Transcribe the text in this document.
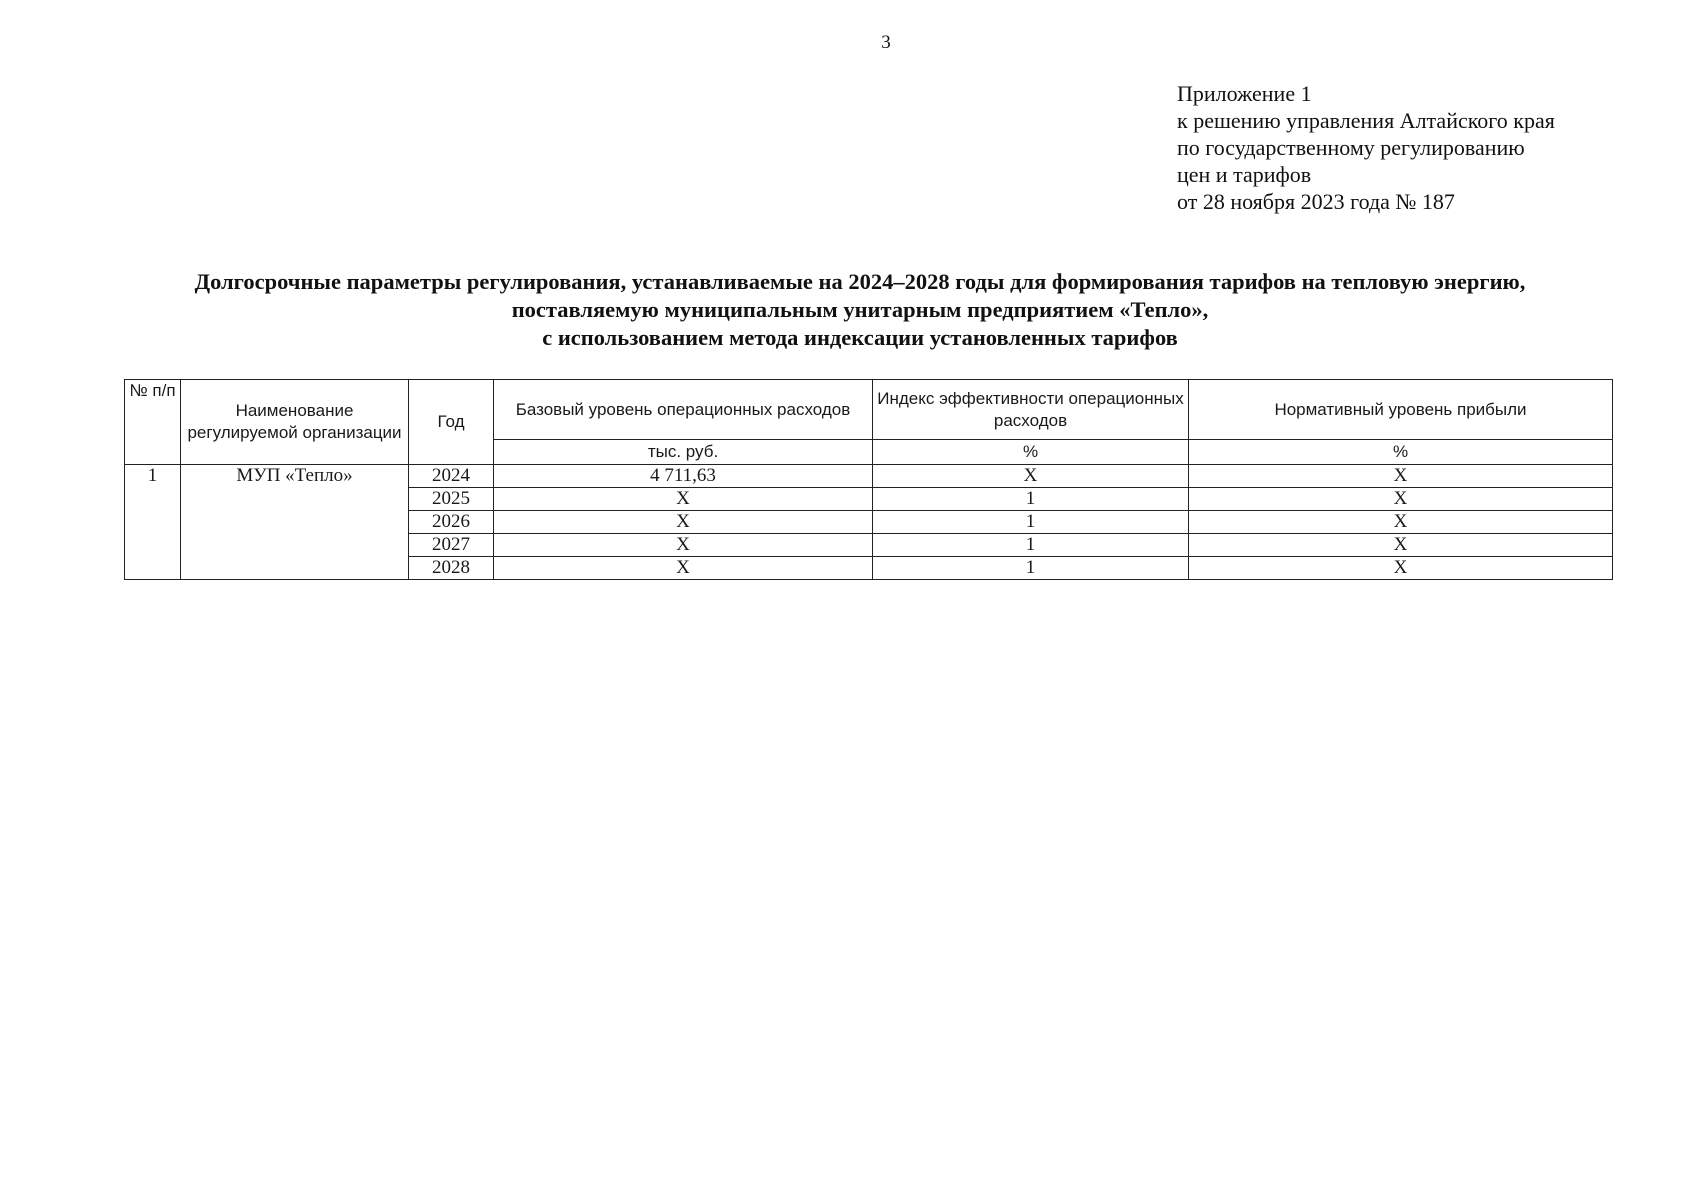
3
Приложение 1
к решению управления Алтайского края
по государственному регулированию
цен и тарифов
от 28 ноября 2023 года № 187
Долгосрочные параметры регулирования, устанавливаемые на 2024–2028 годы для формирования тарифов на тепловую энергию,
поставляемую муниципальным унитарным предприятием «Тепло»,
с использованием метода индексации установленных тарифов
№ п/п	Наименование регулируемой организации	Год	Базовый уровень операционных расходов	Индекс эффективности операционных расходов	Нормативный уровень прибыли
			тыс. руб.	%	%
1	МУП «Тепло»	2024	4 711,63	X	X
		2025	X	1	X
		2026	X	1	X
		2027	X	1	X
		2028	X	1	X
